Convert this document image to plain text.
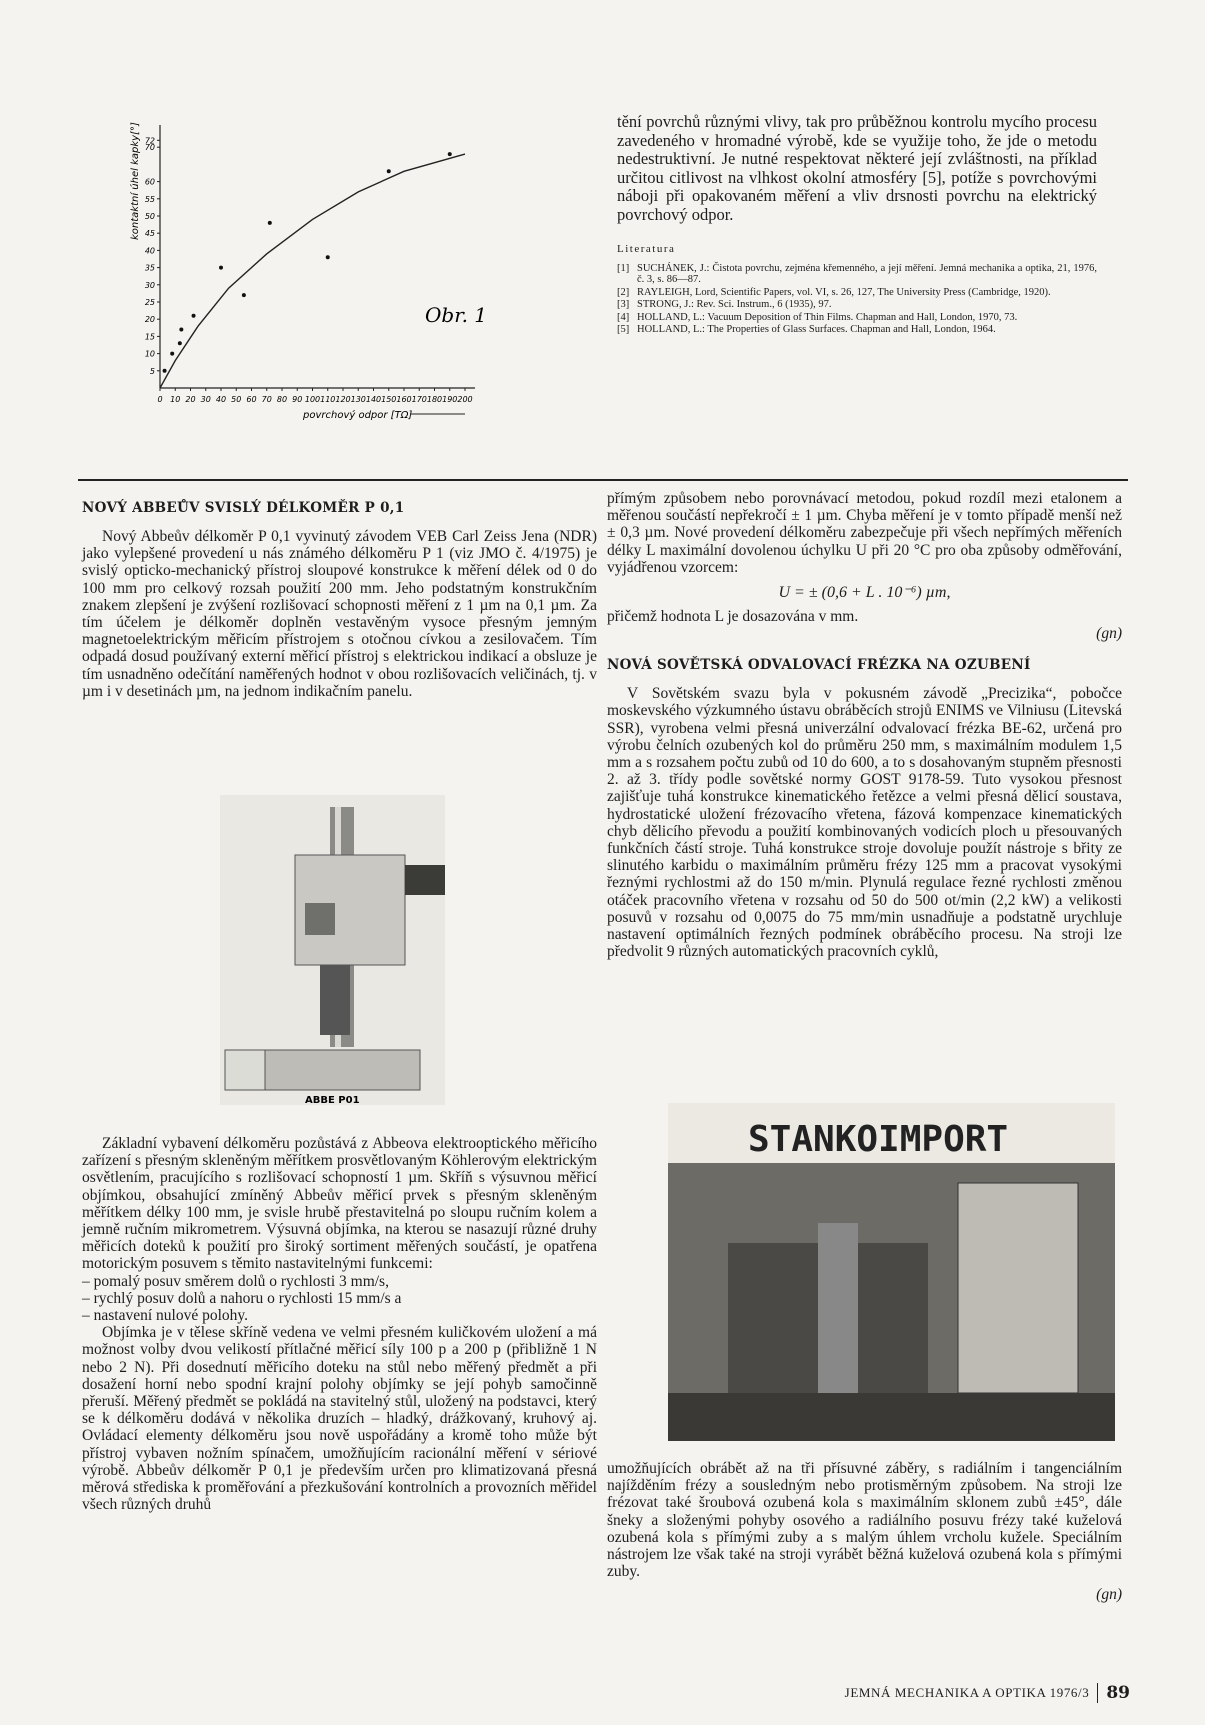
0 10 20 30 40 50 60 70 80 90 100 110 120 130 140 150 160 170 180 190 200
5
10
15
20
25
30
35
40
45
50
55
60
70
72
Obr. 1
povrchový odpor [TΩ]
kontaktní úhel kapky[°]

tění povrchů různými vlivy, tak pro průběžnou kontrolu mycího procesu zavedeného v hromadné výrobě, kde se využije toho, že jde o metodu nedestruktivní. Je nutné respektovat některé její zvláštnosti, na příklad určitou citlivost na vlhkost okolní atmosféry [5], potíže s povrchovými náboji při opakovaném měření a vliv drsnosti povrchu na elektrický povrchový odpor.

Literatura
[1] SUCHÁNEK, J.: Čistota povrchu, zejména křemenného, a její měření. Jemná mechanika a optika, 21, 1976, č. 3, s. 86—87.
[2] RAYLEIGH, Lord, Scientific Papers, vol. VI, s. 26, 127, The University Press (Cambridge, 1920).
[3] STRONG, J.: Rev. Sci. Instrum., 6 (1935), 97.
[4] HOLLAND, L.: Vacuum Deposition of Thin Films. Chapman and Hall, London, 1970, 73.
[5] HOLLAND, L.: The Properties of Glass Surfaces. Chapman and Hall, London, 1964.
NOVÝ ABBEŮV SVISLÝ DÉLKOMĚR P 0,1

Nový Abbeův délkoměr P 0,1 vyvinutý závodem VEB Carl Zeiss Jena (NDR) jako vylepšené provedení u nás známého délkoměru P 1 (viz JMO č. 4/1975) je svislý opticko-mechanický přístroj sloupové konstrukce k měření délek od 0 do 100 mm pro celkový rozsah použití 200 mm. Jeho podstatným konstrukčním znakem zlepšení je zvýšení rozlišovací schopnosti měření z 1 µm na 0,1 µm. Za tím účelem je délkoměr doplněn vestavěným vysoce přesným jemným magnetoelektrickým měřicím přístrojem s otočnou cívkou a zesilovačem. Tím odpadá dosud používaný externí měřicí přístroj s elektrickou indikací a obsluze je tím usnadněno odečítání naměřených hodnot v obou rozlišovacích veličinách, tj. v µm i v desetinách µm, na jednom indikačním panelu.

ABBE P01

Základní vybavení délkoměru pozůstává z Abbeova elektrooptického měřicího zařízení s přesným skleněným měřítkem prosvětlovaným Köhlerovým elektrickým osvětlením, pracujícího s rozlišovací schopností 1 µm. Skříň s výsuvnou měřicí objímkou, obsahující zmíněný Abbeův měřicí prvek s přesným skleněným měřítkem délky 100 mm, je svisle hrubě přestavitelná po sloupu ručním kolem a jemně ručním mikrometrem. Výsuvná objímka, na kterou se nasazují různé druhy měřicích doteků k použití pro široký sortiment měřených součástí, je opatřena motorickým posuvem s těmito nastavitelnými funkcemi:

– pomalý posuv směrem dolů o rychlosti 3 mm/s,
– rychlý posuv dolů a nahoru o rychlosti 15 mm/s a
– nastavení nulové polohy.

Objímka je v tělese skříně vedena ve velmi přesném kuličkovém uložení a má možnost volby dvou velikostí přítlačné měřicí síly 100 p a 200 p (přibližně 1 N nebo 2 N). Při dosednutí měřicího doteku na stůl nebo měřený předmět a při dosažení horní nebo spodní krajní polohy objímky se její pohyb samočinně přeruší. Měřený předmět se pokládá na stavitelný stůl, uložený na podstavci, který se k délkoměru dodává v několika druzích – hladký, drážkovaný, kruhový aj. Ovládací elementy délkoměru jsou nově uspořádány a kromě toho může být přístroj vybaven nožním spínačem, umožňujícím racionální měření v sériové výrobě. Abbeův délkoměr P 0,1 je především určen pro klimatizovaná přesná měrová střediska k proměřování a přezkušování kontrolních a provozních měřidel všech různých druhů

přímým způsobem nebo porovnávací metodou, pokud rozdíl mezi etalonem a měřenou součástí nepřekročí ± 1 µm. Chyba měření je v tomto případě menší než ± 0,3 µm. Nové provedení délkoměru zabezpečuje při všech nepřímých měřeních délky L maximální dovolenou úchylku U při 20 °C pro oba způsoby odměřování, vyjádřenou vzorcem:

U = ± (0,6 + L . 10⁻⁶) µm,

přičemž hodnota L je dosazována v mm.

(gn)
NOVÁ SOVĚTSKÁ ODVALOVACÍ FRÉZKA NA OZUBENÍ

V Sovětském svazu byla v pokusném závodě „Precizika“, pobočce moskevského výzkumného ústavu obráběcích strojů ENIMS ve Vilniusu (Litevská SSR), vyrobena velmi přesná univerzální odvalovací frézka BE-62, určená pro výrobu čelních ozubených kol do průměru 250 mm, s maximálním modulem 1,5 mm a s rozsahem počtu zubů od 10 do 600, a to s dosahovaným stupněm přesnosti 2. až 3. třídy podle sovětské normy GOST 9178-59. Tuto vysokou přesnost zajišťuje tuhá konstrukce kinematického řetězce a velmi přesná dělicí soustava, hydrostatické uložení frézovacího vřetena, fázová kompenzace kinematických chyb dělicího převodu a použití kombinovaných vodicích ploch u přesouvaných funkčních částí stroje. Tuhá konstrukce stroje dovoluje použít nástroje s břity ze slinutého karbidu o maximálním průměru frézy 125 mm a pracovat vysokými řeznými rychlostmi až do 150 m/min. Plynulá regulace řezné rychlosti změnou otáček pracovního vřetena v rozsahu od 50 do 500 ot/min (2,2 kW) a velikosti posuvů v rozsahu od 0,0075 do 75 mm/min usnadňuje a podstatně urychluje nastavení optimálních řezných podmínek obráběcího procesu. Na stroji lze předvolit 9 různých automatických pracovních cyklů,

STANKOIMPORT

umožňujících obrábět až na tři přísuvné záběry, s radiálním i tangenciálním najížděním frézy a sousledným nebo protisměrným způsobem. Na stroji lze frézovat také šroubová ozubená kola s maximálním sklonem zubů ±45°, dále šneky a složenými pohyby osového a radiálního posuvu frézy také kuželová ozubená kola s přímými zuby a s malým úhlem vrcholu kužele. Speciálním nástrojem lze však také na stroji vyrábět běžná kuželová ozubená kola s přímými zuby.

(gn)
JEMNÁ MECHANIKA A OPTIKA 1976/3 89
